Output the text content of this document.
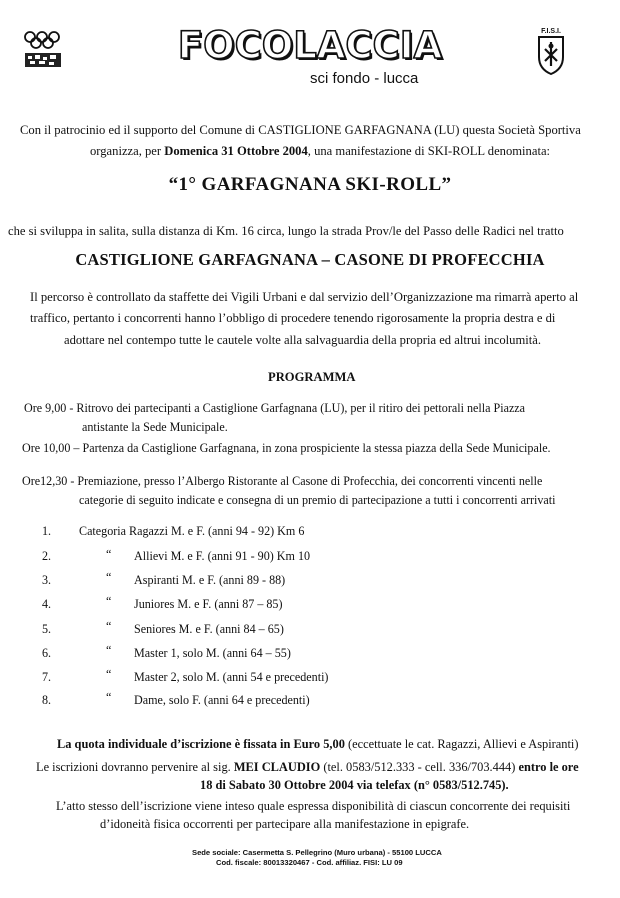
FOCOLACCIA
sci fondo - lucca
F.I.S.I.
Con il patrocinio ed il supporto del Comune di CASTIGLIONE GARFAGNANA (LU) questa Società Sportiva
organizza, per Domenica 31 Ottobre 2004, una manifestazione di SKI-ROLL denominata:
“1° GARFAGNANA SKI-ROLL”
che si sviluppa in salita, sulla distanza di Km. 16 circa, lungo la strada Prov/le del Passo delle Radici nel tratto
CASTIGLIONE GARFAGNANA – CASONE DI PROFECCHIA
Il percorso è controllato da staffette dei Vigili Urbani e dal servizio dell’Organizzazione ma rimarrà aperto al
traffico, pertanto i concorrenti hanno l’obbligo di procedere tenendo rigorosamente la propria destra e di
adottare nel contempo tutte le cautele volte alla salvaguardia della propria ed altrui incolumità.
PROGRAMMA
Ore 9,00 - Ritrovo dei partecipanti a Castiglione Garfagnana (LU), per il ritiro dei pettorali nella Piazza
antistante la Sede Municipale.
Ore 10,00 – Partenza da Castiglione Garfagnana, in zona prospiciente la stessa piazza della Sede Municipale.
Ore12,30 - Premiazione, presso l’Albergo Ristorante al Casone di Profecchia, dei concorrenti vincenti nelle
categorie di seguito indicate e consegna di un premio di partecipazione a tutti i concorrenti arrivati
1. Categoria Ragazzi M. e F. (anni 94 - 92) Km 6
2.	“ Allievi M. e F. (anni 91 - 90) Km 10
3.	“ Aspiranti M. e F. (anni 89 - 88)
4.	“ Juniores M. e F. (anni 87 – 85)
5.	“ Seniores M. e F. (anni 84 – 65)
6.	“ Master 1, solo M. (anni 64 – 55)
7.	“ Master 2, solo M. (anni 54 e precedenti)
8.	“ Dame, solo F. (anni 64 e precedenti)
La quota individuale d’iscrizione è fissata in Euro 5,00 (eccettuate le cat. Ragazzi, Allievi e Aspiranti)
Le iscrizioni dovranno pervenire al sig. MEI CLAUDIO (tel. 0583/512.333 - cell. 336/703.444) entro le ore
18 di Sabato 30 Ottobre 2004 via telefax (n° 0583/512.745).
L’atto stesso dell’iscrizione viene inteso quale espressa disponibilità di ciascun concorrente dei requisiti
d’idoneità fisica occorrenti per partecipare alla manifestazione in epigrafe.
Sede sociale: Casermetta S. Pellegrino (Muro urbana) - 55100 LUCCA
Cod. fiscale: 80013320467 - Cod. affiliaz. FISI: LU 09
